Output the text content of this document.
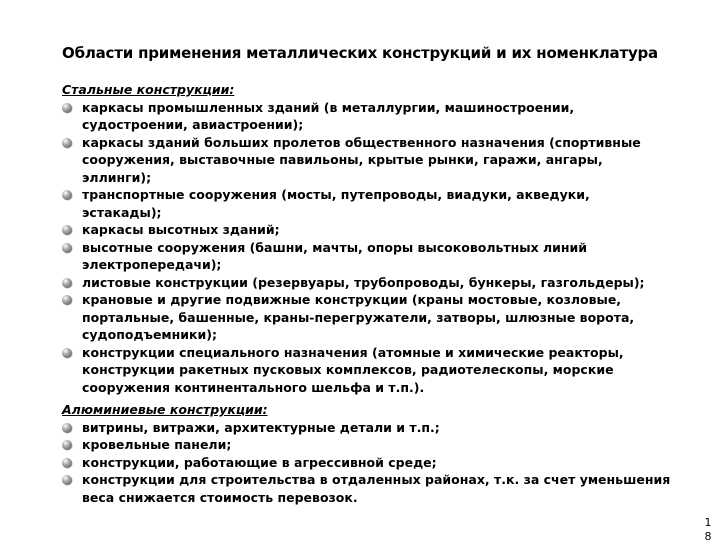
Области применения металлических конструкций и их номенклатура

Стальные конструкции:

каркасы промышленных зданий (в металлургии, машиностроении, судостроении, авиастроении);
каркасы зданий больших пролетов общественного назначения (спортивные сооружения, выставочные павильоны, крытые рынки, гаражи, ангары, эллинги);
транспортные сооружения (мосты, путепроводы, виадуки, акведуки, эстакады);
каркасы высотных зданий;
высотные сооружения (башни, мачты, опоры высоковольтных линий электропередачи);
листовые конструкции (резервуары, трубопроводы, бункеры, газгольдеры);
крановые и другие подвижные конструкции (краны мостовые, козловые, портальные, башенные, краны-перегружатели, затворы, шлюзные ворота, судоподъемники);
конструкции специального назначения (атомные и химические реакторы, конструкции ракетных пусковых комплексов, радиотелескопы, морские сооружения континентального шельфа и т.п.).

Алюминиевые конструкции:

витрины, витражи, архитектурные детали и т.п.;
кровельные панели;
конструкции, работающие в агрессивной среде;
конструкции для строительства в отдаленных районах, т.к. за счет уменьшения веса снижается стоимость перевозок.
1 8
